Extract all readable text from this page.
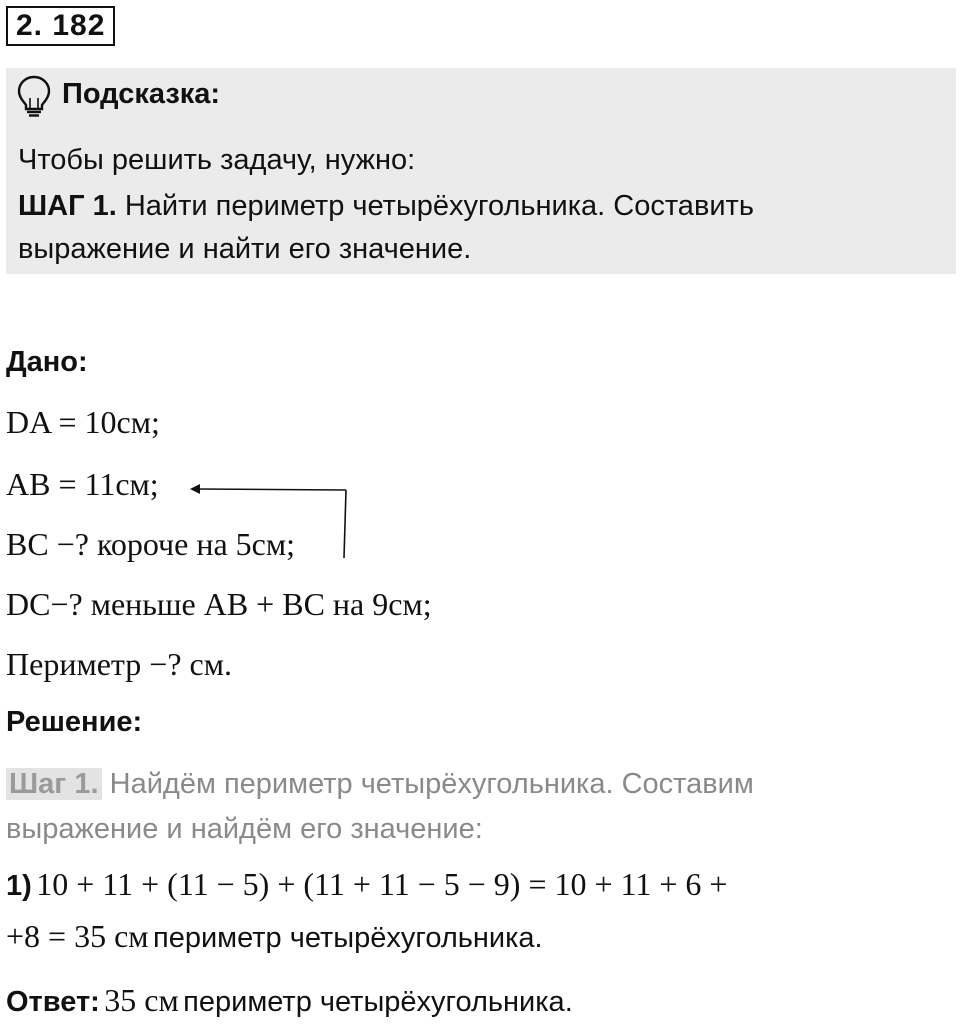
2. 182
Подсказка:
Чтобы решить задачу, нужно:
ШАГ 1. Найти периметр четырёхугольника. Составить
выражение и найти его значение.
Дано:
DA = 10см;
AB = 11см;
BC −? короче на 5см;
DC−? меньше AB + BC на 9см;
Периметр −? см.
Решение:
Шаг 1. Найдём периметр четырёхугольника. Составим
выражение и найдём его значение:
1) 10 + 11 + (11 − 5) + (11 + 11 − 5 − 9) = 10 + 11 + 6 +
+8 = 35 см периметр четырёхугольника.
Ответ: 35 см периметр четырёхугольника.
